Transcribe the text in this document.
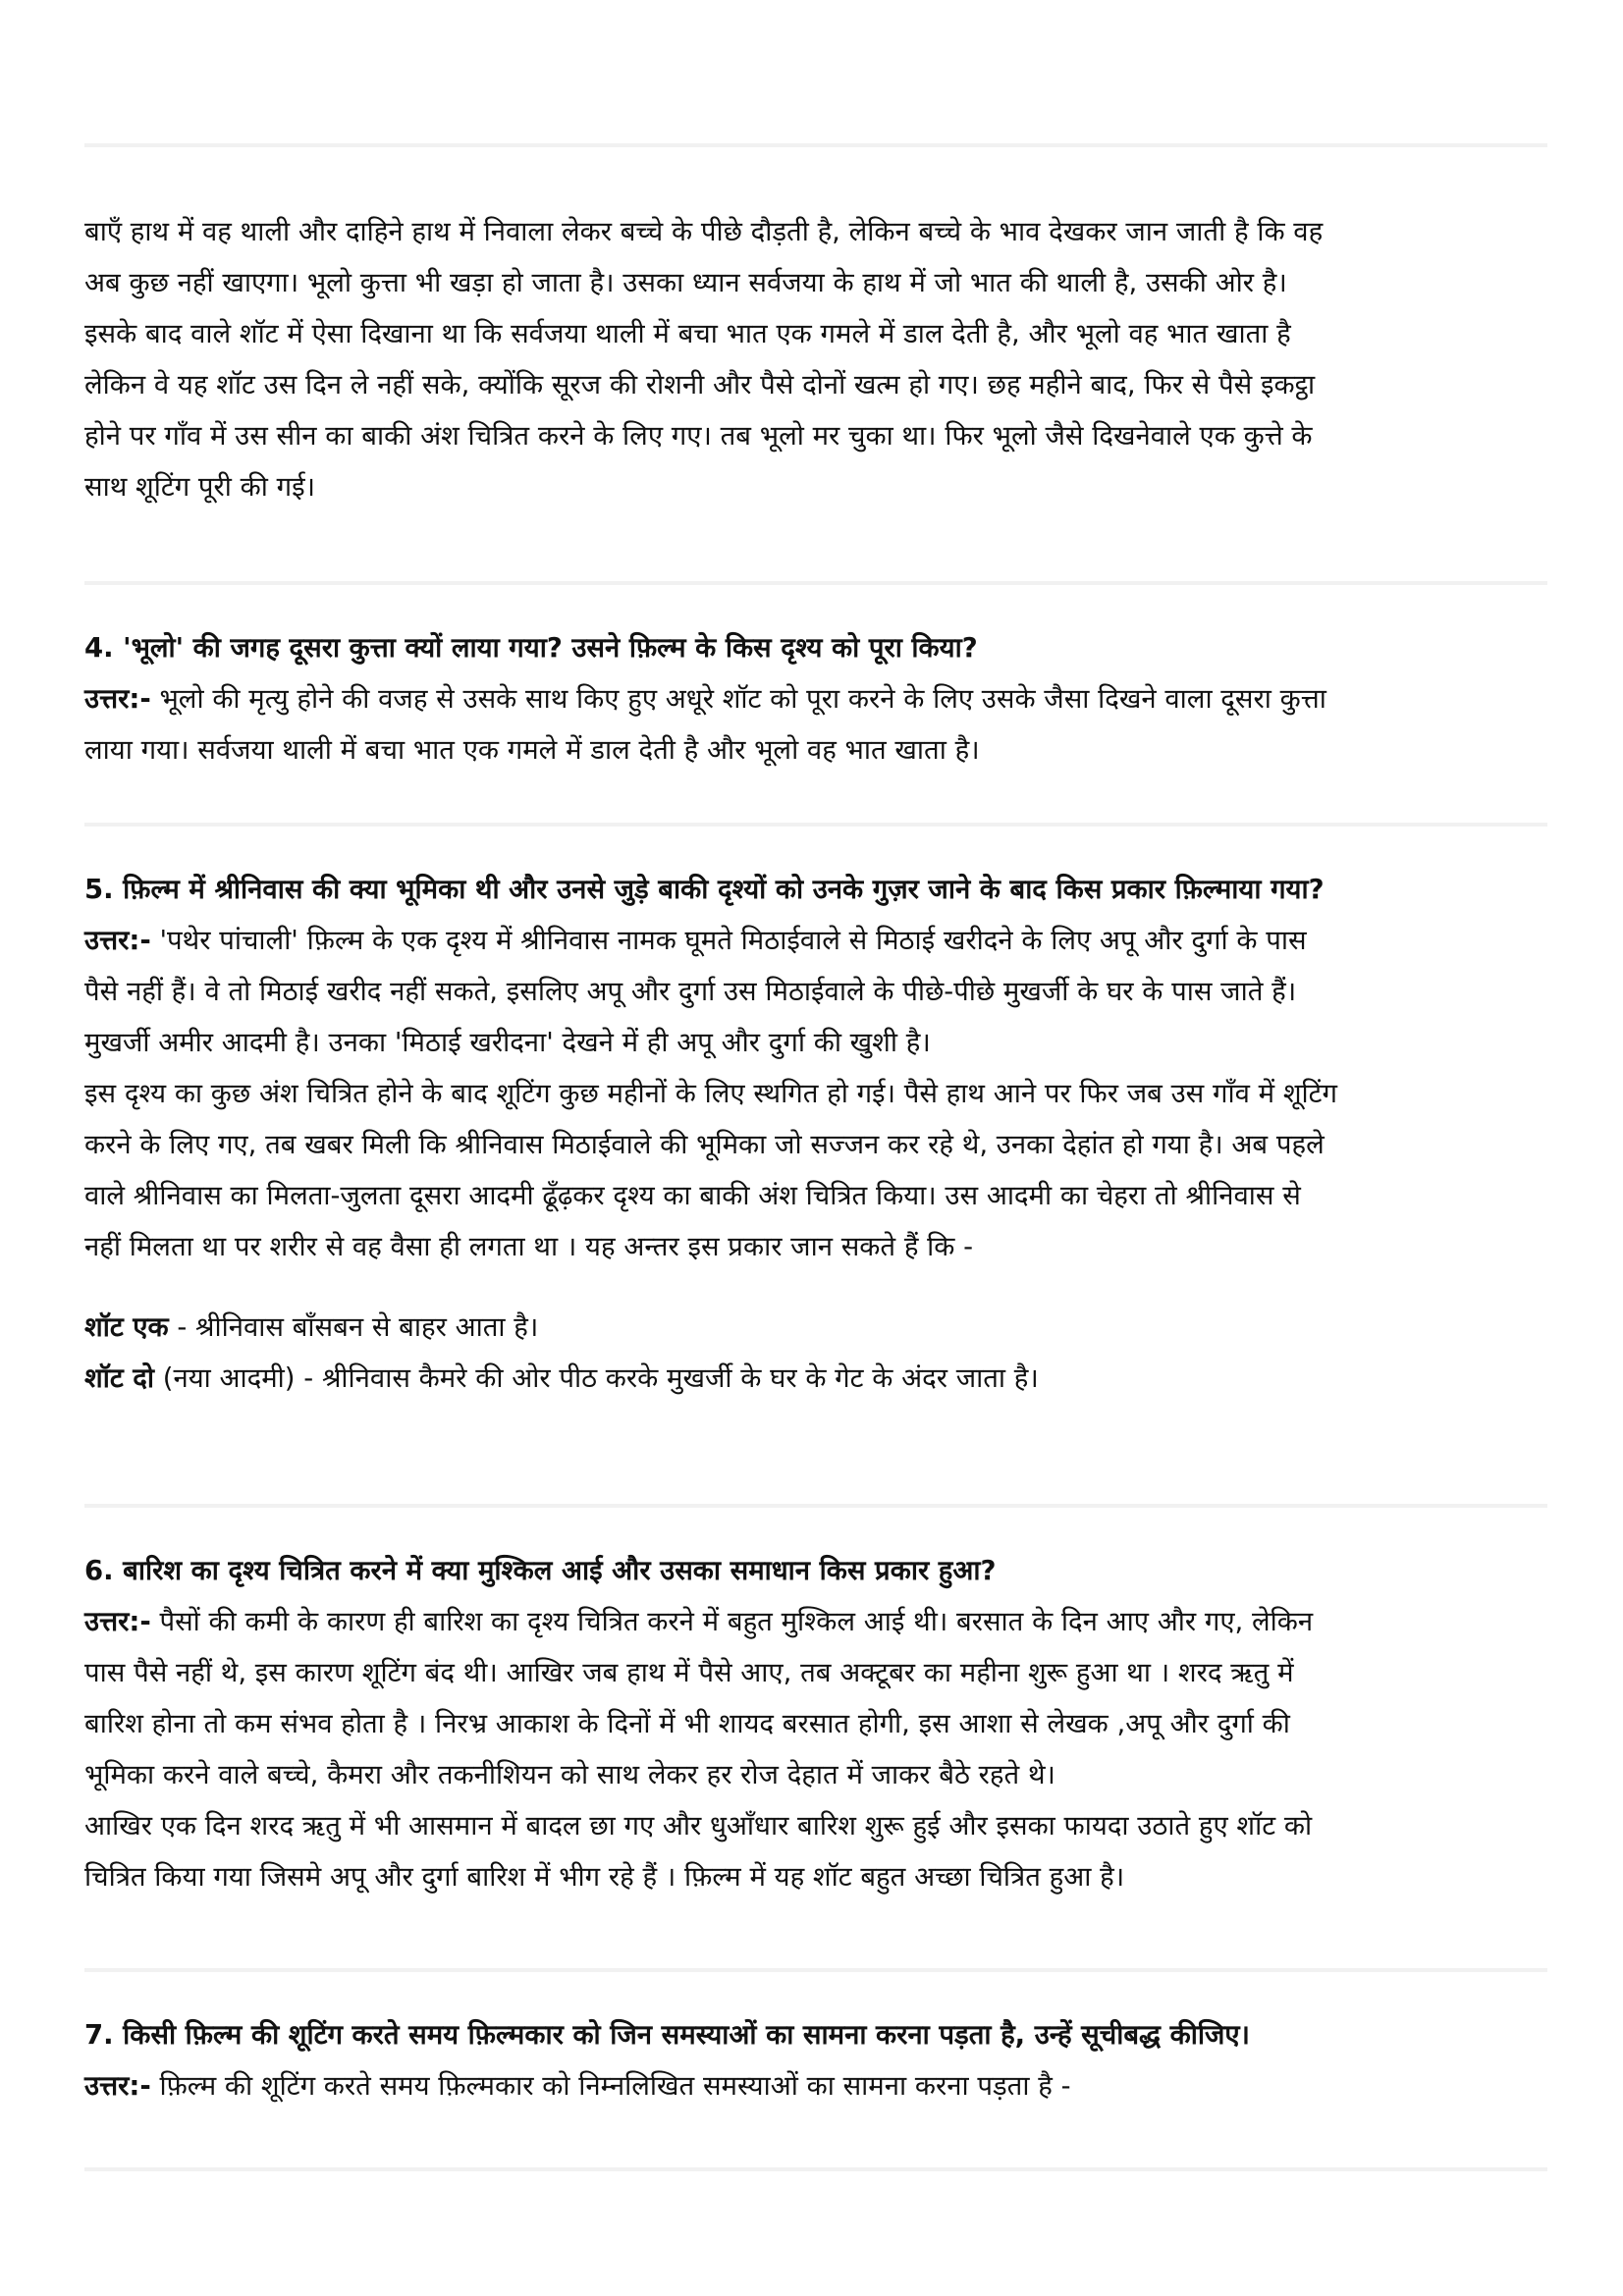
बाएँ हाथ में वह थाली और दाहिने हाथ में निवाला लेकर बच्चे के पीछे दौड़ती है, लेकिन बच्चे के भाव देखकर जान जाती है कि वह

अब कुछ नहीं खाएगा। भूलो कुत्ता भी खड़ा हो जाता है। उसका ध्यान सर्वजया के हाथ में जो भात की थाली है, उसकी ओर है।

इसके बाद वाले शॉट में ऐसा दिखाना था कि सर्वजया थाली में बचा भात एक गमले में डाल देती है, और भूलो वह भात खाता है

लेकिन वे यह शॉट उस दिन ले नहीं सके, क्योंकि सूरज की रोशनी और पैसे दोनों खत्म हो गए। छह महीने बाद, फिर से पैसे इकट्ठा

होने पर गाँव में उस सीन का बाकी अंश चित्रित करने के लिए गए। तब भूलो मर चुका था। फिर भूलो जैसे दिखनेवाले एक कुत्ते के

साथ शूटिंग पूरी की गई।

4. 'भूलो' की जगह दूसरा कुत्ता क्यों लाया गया? उसने फ़िल्म के किस दृश्य को पूरा किया?

उत्तर:- भूलो की मृत्यु होने की वजह से उसके साथ किए हुए अधूरे शॉट को पूरा करने के लिए उसके जैसा दिखने वाला दूसरा कुत्ता

लाया गया। सर्वजया थाली में बचा भात एक गमले में डाल देती है और भूलो वह भात खाता है।

5. फ़िल्म में श्रीनिवास की क्या भूमिका थी और उनसे जुड़े बाकी दृश्यों को उनके गुज़र जाने के बाद किस प्रकार फ़िल्माया गया?

उत्तर:- 'पथेर पांचाली' फ़िल्म के एक दृश्य में श्रीनिवास नामक घूमते मिठाईवाले से मिठाई खरीदने के लिए अपू और दुर्गा के पास

पैसे नहीं हैं। वे तो मिठाई खरीद नहीं सकते, इसलिए अपू और दुर्गा उस मिठाईवाले के पीछे-पीछे मुखर्जी के घर के पास जाते हैं।

मुखर्जी अमीर आदमी है। उनका 'मिठाई खरीदना' देखने में ही अपू और दुर्गा की खुशी है।

इस दृश्य का कुछ अंश चित्रित होने के बाद शूटिंग कुछ महीनों के लिए स्थगित हो गई। पैसे हाथ आने पर फिर जब उस गाँव में शूटिंग

करने के लिए गए, तब खबर मिली कि श्रीनिवास मिठाईवाले की भूमिका जो सज्जन कर रहे थे, उनका देहांत हो गया है। अब पहले

वाले श्रीनिवास का मिलता-जुलता दूसरा आदमी ढूँढ़कर दृश्य का बाकी अंश चित्रित किया। उस आदमी का चेहरा तो श्रीनिवास से

नहीं मिलता था पर शरीर से वह वैसा ही लगता था । यह अन्तर इस प्रकार जान सकते हैं कि -

शॉट एक - श्रीनिवास बाँसबन से बाहर आता है।

शॉट दो (नया आदमी) - श्रीनिवास कैमरे की ओर पीठ करके मुखर्जी के घर के गेट के अंदर जाता है।

6. बारिश का दृश्य चित्रित करने में क्या मुश्किल आई और उसका समाधान किस प्रकार हुआ?

उत्तर:- पैसों की कमी के कारण ही बारिश का दृश्य चित्रित करने में बहुत मुश्किल आई थी। बरसात के दिन आए और गए, लेकिन

पास पैसे नहीं थे, इस कारण शूटिंग बंद थी। आखिर जब हाथ में पैसे आए, तब अक्टूबर का महीना शुरू हुआ था । शरद ऋतु में

बारिश होना तो कम संभव होता है । निरभ्र आकाश के दिनों में भी शायद बरसात होगी, इस आशा से लेखक ,अपू और दुर्गा की

भूमिका करने वाले बच्चे, कैमरा और तकनीशियन को साथ लेकर हर रोज देहात में जाकर बैठे रहते थे।

आखिर एक दिन शरद ऋतु में भी आसमान में बादल छा गए और धुआँधार बारिश शुरू हुई और इसका फायदा उठाते हुए शॉट को

चित्रित किया गया जिसमे अपू और दुर्गा बारिश में भीग रहे हैं । फ़िल्म में यह शॉट बहुत अच्छा चित्रित हुआ है।

7. किसी फ़िल्म की शूटिंग करते समय फ़िल्मकार को जिन समस्याओं का सामना करना पड़ता है, उन्हें सूचीबद्ध कीजिए।

उत्तर:- फ़िल्म की शूटिंग करते समय फ़िल्मकार को निम्नलिखित समस्याओं का सामना करना पड़ता है -
